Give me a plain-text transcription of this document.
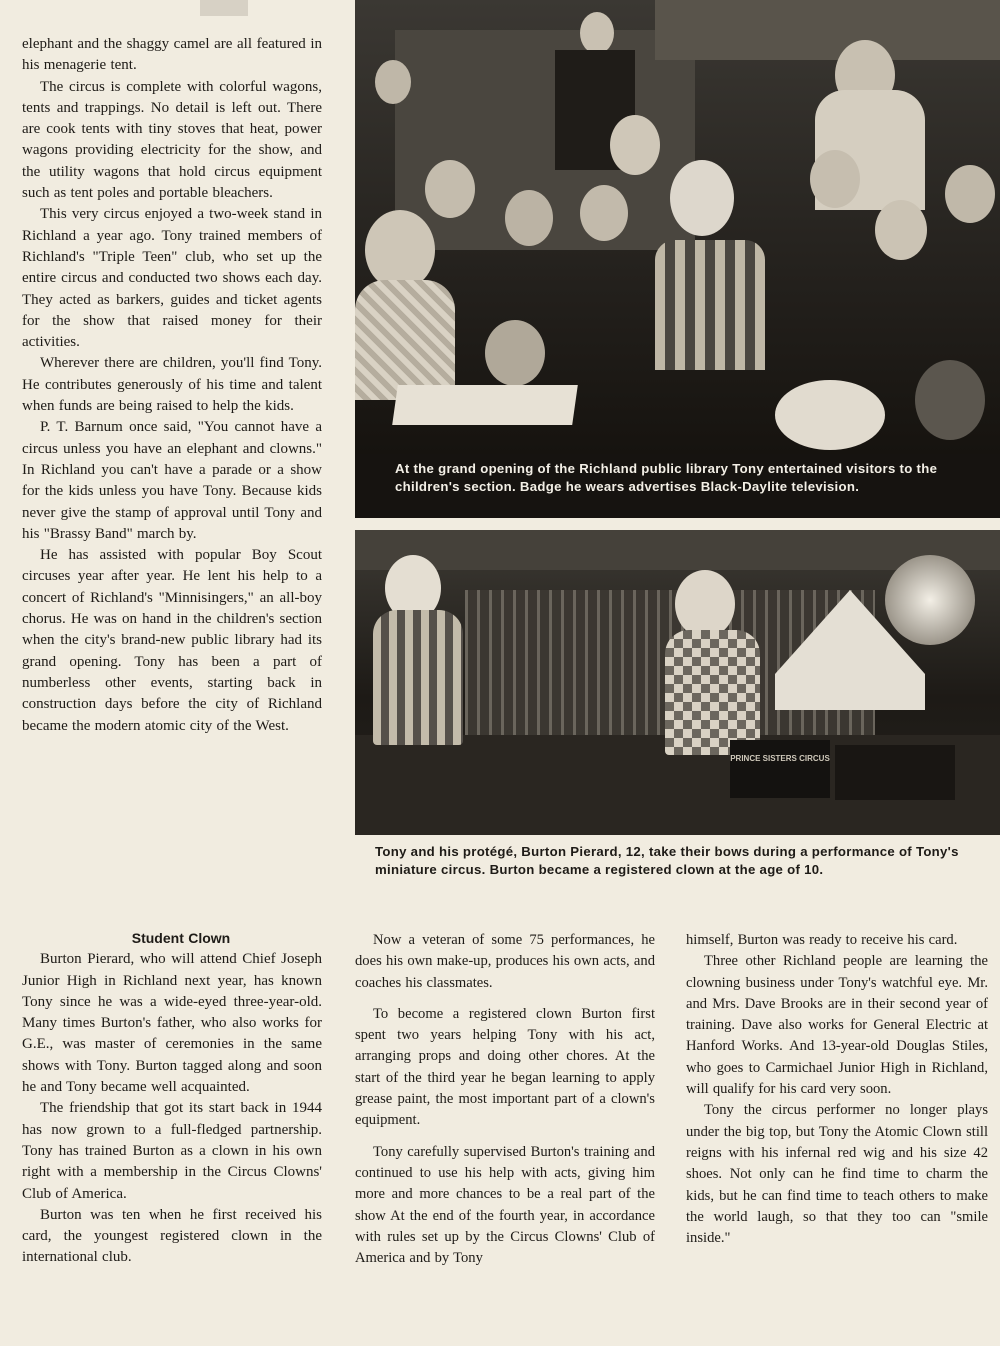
elephant and the shaggy camel are all featured in his menagerie tent.

The circus is complete with colorful wagons, tents and trappings. No detail is left out. There are cook tents with tiny stoves that heat, power wagons providing electricity for the show, and the utility wagons that hold circus equipment such as tent poles and portable bleachers.

This very circus enjoyed a two-week stand in Richland a year ago. Tony trained members of Richland's "Triple Teen" club, who set up the entire circus and conducted two shows each day. They acted as barkers, guides and ticket agents for the show that raised money for their activities.

Wherever there are children, you'll find Tony. He contributes generously of his time and talent when funds are being raised to help the kids.

P. T. Barnum once said, "You cannot have a circus unless you have an elephant and clowns." In Richland you can't have a parade or a show for the kids unless you have Tony. Because kids never give the stamp of approval until Tony and his "Brassy Band" march by.

He has assisted with popular Boy Scout circuses year after year. He lent his help to a concert of Richland's "Minnisingers," an all-boy chorus. He was on hand in the children's section when the city's brand-new public library had its grand opening. Tony has been a part of numberless other events, starting back in construction days before the city of Richland became the modern atomic city of the West.

At the grand opening of the Richland public library Tony entertained visitors to the children's section. Badge he wears advertises Black-Daylite television.
PRINCE SISTERS CIRCUS
Tony and his protégé, Burton Pierard, 12, take their bows during a performance of Tony's miniature circus. Burton became a registered clown at the age of 10.

Student Clown

Burton Pierard, who will attend Chief Joseph Junior High in Richland next year, has known Tony since he was a wide-eyed three-year-old. Many times Burton's father, who also works for G.E., was master of ceremonies in the same shows with Tony. Burton tagged along and soon he and Tony became well acquainted.

The friendship that got its start back in 1944 has now grown to a full-fledged partnership. Tony has trained Burton as a clown in his own right with a membership in the Circus Clowns' Club of America.

Burton was ten when he first received his card, the youngest registered clown in the international club.

Now a veteran of some 75 performances, he does his own make-up, produces his own acts, and coaches his classmates.

To become a registered clown Burton first spent two years helping Tony with his act, arranging props and doing other chores. At the start of the third year he began learning to apply grease paint, the most important part of a clown's equipment.

Tony carefully supervised Burton's training and continued to use his help with acts, giving him more and more chances to be a real part of the show At the end of the fourth year, in accordance with rules set up by the Circus Clowns' Club of America and by Tony

himself, Burton was ready to receive his card.

Three other Richland people are learning the clowning business under Tony's watchful eye. Mr. and Mrs. Dave Brooks are in their second year of training. Dave also works for General Electric at Hanford Works. And 13-year-old Douglas Stiles, who goes to Carmichael Junior High in Richland, will qualify for his card very soon.

Tony the circus performer no longer plays under the big top, but Tony the Atomic Clown still reigns with his infernal red wig and his size 42 shoes. Not only can he find time to charm the kids, but he can find time to teach others to make the world laugh, so that they too can "smile inside."
